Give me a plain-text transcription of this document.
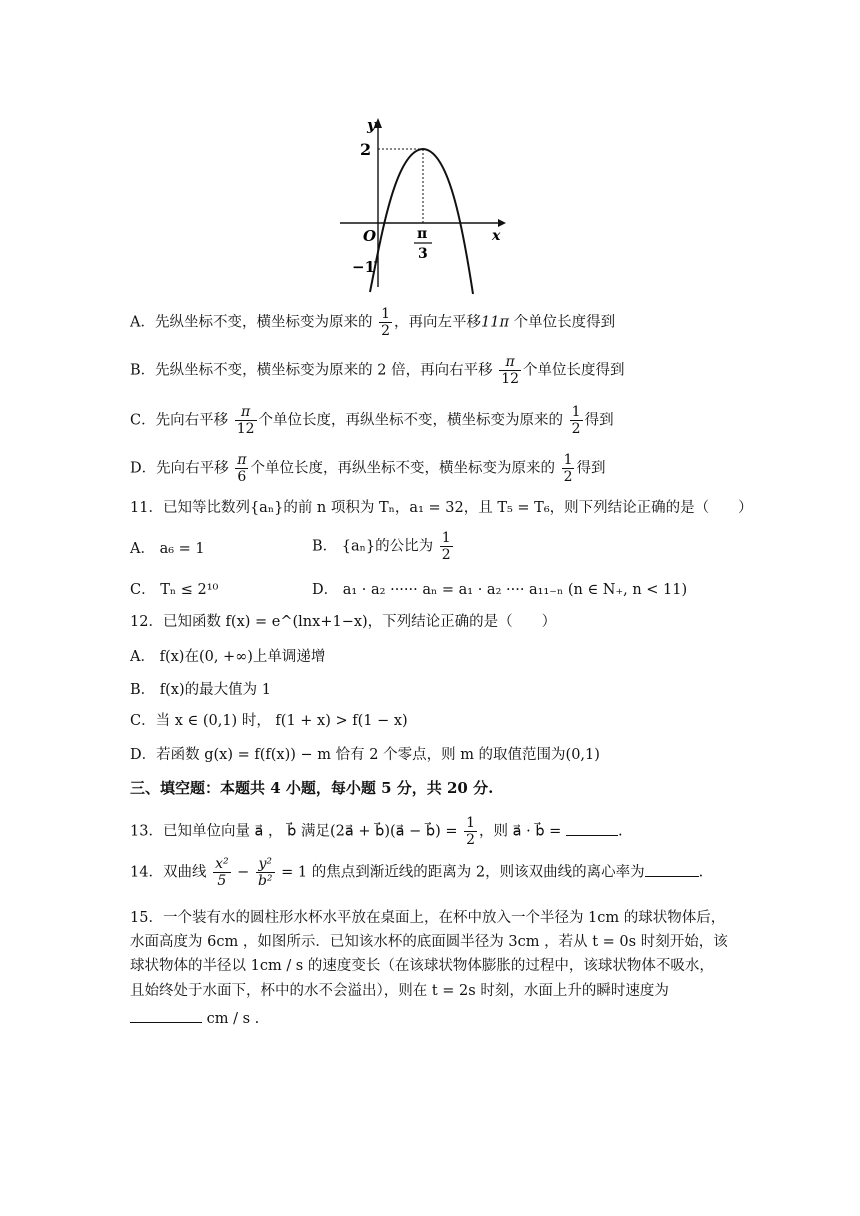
y
x
2
O
−1
π
3
A．先纵坐标不变，横坐标变为原来的 $\frac{1}{2}$ ，再向左平移11π 个单位长度得到
B．先纵坐标不变，横坐标变为原来的 2 倍，再向右平移 $\frac{\pi}{12}$ 个单位长度得到
C．先向右平移 $\frac{\pi}{12}$ 个单位长度，再纵坐标不变，横坐标变为原来的 $\frac{1}{2}$ 得到
D．先向右平移 $\frac{\pi}{6}$ 个单位长度，再纵坐标不变，横坐标变为原来的 $\frac{1}{2}$ 得到
11．已知等比数列{aₙ}的前 n 项积为 Tₙ，a₁ = 32，且 T₅ = T₆，则下列结论正确的是（　　）
A． a₆ = 1	B． {aₙ}的公比为 $\frac{1}{2}$
C． Tₙ ≤ 2¹⁰	D． a₁ · a₂ ······ aₙ = a₁ · a₂ ···· a₁₁₋ₙ (n ∈ N₊, n < 11)
12．已知函数 f(x) = e^(lnx+1−x)，下列结论正确的是（　　）
A． f(x)在(0, +∞)上单调递增
B． f(x)的最大值为 1
C．当 x ∈ (0,1) 时， f(1 + x) > f(1 − x)
D．若函数 g(x) = f(f(x)) − m 恰有 2 个零点，则 m 的取值范围为(0,1)
三、填空题：本题共 4 小题，每小题 5 分，共 20 分.
13．已知单位向量 a⃗ ， b⃗ 满足(2a⃗ + b⃗)(a⃗ − b⃗) = $\frac{1}{2}$ ，则 a⃗ · b⃗ =	.
14．双曲线 $\frac{\text{x²}}{5} - \frac{\text{y²}}{\text{b²}} = 1$ 的焦点到渐近线的距离为 2，则该双曲线的离心率为	.
15．一个装有水的圆柱形水杯水平放在桌面上，在杯中放入一个半径为 1cm 的球状物体后，
水面高度为 6cm ，如图所示．已知该水杯的底面圆半径为 3cm ，若从 t = 0s 时刻开始，该
球状物体的半径以 1cm / s 的速度变长（在该球状物体膨胀的过程中，该球状物体不吸水，
且始终处于水面下，杯中的水不会溢出），则在 t = 2s 时刻，水面上升的瞬时速度为
cm / s .
